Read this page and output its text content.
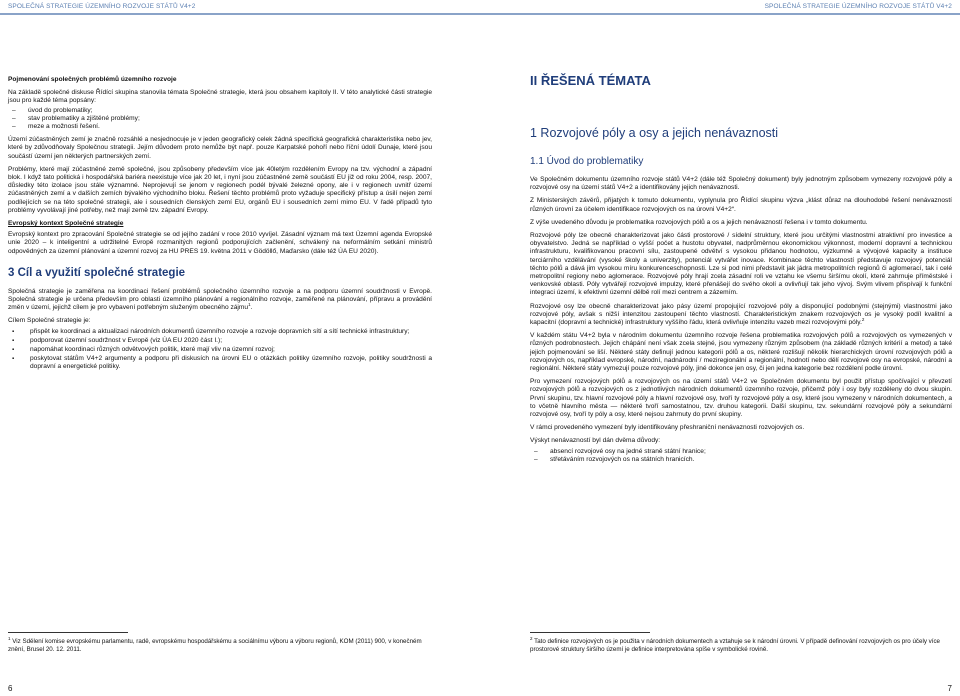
SPOLEČNÁ STRATEGIE ÚZEMNÍHO ROZVOJE STÁTŮ V4+2

Pojmenování společných problémů územního rozvoje

Na základě společné diskuse Řídící skupina stanovila témata Společné strategie, která jsou obsahem kapitoly II. V této analytické části strategie jsou pro každé téma popsány:

– úvod do problematiky;

– stav problematiky a zjištěné problémy;

– meze a možnosti řešení.

Území zúčastněných zemí je značně rozsáhlé a nesjednocuje je v jeden geografický celek žádná specifická geografická charakteristika nebo jev, které by zdůvodňovaly Společnou strategii. Jejím důvodem proto nemůže být např. pouze Karpatské pohoří nebo říční údolí Dunaje, které jsou součástí území jen některých partnerských zemí.

Problémy, které mají zúčastněné země společné, jsou způsobeny především více jak 40letým rozdělením Evropy na tzv. východní a západní blok. I když tato politická i hospodářská bariéra neexistuje více jak 20 let, i nyní jsou zúčastněné země součástí EU již od roku 2004, resp. 2007, důsledky této izolace jsou stále významné. Neprojevují se jenom v regionech podél bývalé železné opony, ale i v regionech uvnitř území zúčastněných zemí a v dalších zemích bývalého východního bloku. Řešení těchto problémů proto vyžaduje specifický přístup a úsilí nejen zemí podílejících se na této společné strategii, ale i sousedních členských zemí EU, orgánů EU i sousedních zemí mimo EU. V řadě případů tyto problémy vyvolávají jiné potřeby, než mají země tzv. západní Evropy.

Evropský kontext Společné strategie

Evropský kontext pro zpracování Společné strategie se od jejího zadání v roce 2010 vyvíjel. Zásadní význam má text Územní agenda Evropské unie 2020 – k inteligentní a udržitelné Evropě rozmanitých regionů podporujících začlenění, schválený na neformálním setkání ministrů odpovědných za územní plánování a územní rozvoj za HU PRES 19. května 2011 v Gödöllő, Maďarsko (dále též ÚA EU 2020).

3 Cíl a využití společné strategie

Společná strategie je zaměřena na koordinaci řešení problémů společného územního rozvoje a na podporu územní soudržnosti v Evropě. Společná strategie je určena především pro oblasti územního plánování a regionálního rozvoje, zaměřené na plánování, přípravu a provádění změn v území, jejichž cílem je pro vybavení potřebným služeným obecného zájmu$^1$.

Cílem Společné strategie je:

▪ přispět ke koordinaci a aktualizaci národních dokumentů územního rozvoje a rozvoje dopravních sítí a sítí technické infrastruktury;

▪ podporovat územní soudržnost v Evropě (viz ÚA EU 2020 část I.);

▪ napomáhat koordinaci různých odvětvových politik, které mají vliv na územní rozvoj;

▪ poskytovat státům V4+2 argumenty a podporu při diskusích na úrovni EU o otázkách politiky územního rozvoje, politiky soudržnosti a dopravní a energetické politiky.

$^1$ Viz Sdělení komise evropskému parlamentu, radě, evropskému hospodářskému a sociálnímu výboru a výboru regionů, KOM (2011) 900, v konečném znění, Brusel 20. 12. 2011.
6
SPOLEČNÁ STRATEGIE ÚZEMNÍHO ROZVOJE STÁTŮ V4+2
II ŘEŠENÁ TÉMATA
1 Rozvojové póly a osy a jejich nenávaznosti
1.1 Úvod do problematiky

Ve Společném dokumentu územního rozvoje států V4+2 (dále též Společný dokument) byly jednotným způsobem vymezeny rozvojové póly a rozvojové osy na území států V4+2 a identifikovány jejich nenávaznosti.

Z Ministerských závěrů, přijatých k tomuto dokumentu, vyplynula pro Řídící skupinu výzva „klást důraz na dlouhodobé řešení nenávazností různých úrovní za účelem identifikace rozvojových os na úrovni V4+2“.

Z výše uvedeného důvodu je problematika rozvojových pólů a os a jejich nenávazností řešena i v tomto dokumentu.

Rozvojové póly lze obecně charakterizovat jako části prostorové / sídelní struktury, které jsou určitými vlastnostmi atraktivní pro investice a obyvatelstvo. Jedná se například o vyšší počet a hustotu obyvatel, nadprůměrnou ekonomickou výkonnost, moderní dopravní a technickou infrastrukturu, kvalifikovanou pracovní sílu, zastoupené odvětví s vysokou přidanou hodnotou, výzkumné a vývojové kapacity a instituce terciárního vzdělávání (vysoké školy a univerzity), potenciál vytvářet inovace. Kombinace těchto vlastností představuje rozvojový potenciál těchto pólů a dává jim vysokou míru konkurenceschopnosti. Lze si pod nimi představit jak jádra metropolitních regionů či aglomerací, tak i celé metropolitní regiony nebo aglomerace. Rozvojové póly hrají zcela zásadní roli ve vztahu ke všemu širšímu okolí, které zahrnuje příměstské i venkovské oblasti. Póly vytvářejí rozvojové impulzy, které přenášejí do svého okolí a ovlivňují tak jeho vývoj. Svým vlivem přispívají k funkční integraci území, k efektivní územní dělbě rolí mezi centrem a zázemím.

Rozvojové osy lze obecně charakterizovat jako pásy území propojující rozvojové póly a disponující podobnými (stejnými) vlastnostmi jako rozvojové póly, avšak s nižší intenzitou zastoupení těchto vlastností. Charakteristickým znakem rozvojových os je vysoký podíl kvalitní a kapacitní (dopravní a technické) infrastruktury vyššího řádu, která ovlivňuje intenzitu vazeb mezi rozvojovými póly.$^2$

V každém státu V4+2 byla v národním dokumentu územního rozvoje řešena problematika rozvojových pólů a rozvojových os vymezených v různých podrobnostech. Jejich chápání není však zcela stejné, jsou vymezeny různým způsobem (na základě různých kritérií a metod) a také jejich pojmenování se liší. Některé státy definují jednou kategorii pólů a os, některé rozlišují několik hierarchických úrovní rozvojových pólů a rozvojových os, například evropské, národní, nadnárodní / meziregionální a regionální, hodnotí nebo dělí rozvojové osy na evropské, národní a regionální. Některé státy vymezují pouze rozvojové póly, jiné dokonce jen osy, či jen jedna kategorie bez rozdělení podle úrovní.

Pro vymezení rozvojových pólů a rozvojových os na území států V4+2 ve Společném dokumentu byl použit přístup spočívající v převzetí rozvojových pólů a rozvojových os z jednotlivých národních dokumentů územního rozvoje, přičemž póly i osy byly rozděleny do dvou skupin. První skupinu, tzv. hlavní rozvojové póly a hlavní rozvojové osy, tvoří ty rozvojové póly a osy, které jsou vymezeny v národních dokumentech, a to včetně hlavního města — některé tvoří samostatnou, tzv. druhou kategorii. Další skupinu, tzv. sekundární rozvojové póly a sekundární rozvojové osy, tvoří ty póly a osy, které nejsou zahrnuty do první skupiny.

V rámci provedeného vymezení byly identifikovány přeshraniční nenávaznosti rozvojových os.

Výskyt nenávazností byl dán dvěma důvody:

– absencí rozvojové osy na jedné straně státní hranice;

– střetáváním rozvojových os na státních hranicích.

$^2$ Tato definice rozvojových os je použita v národních dokumentech a vztahuje se k národní úrovni. V případě definování rozvojových os pro účely více prostorové struktury širšího území je definice interpretována spíše v symbolické rovině.
7
